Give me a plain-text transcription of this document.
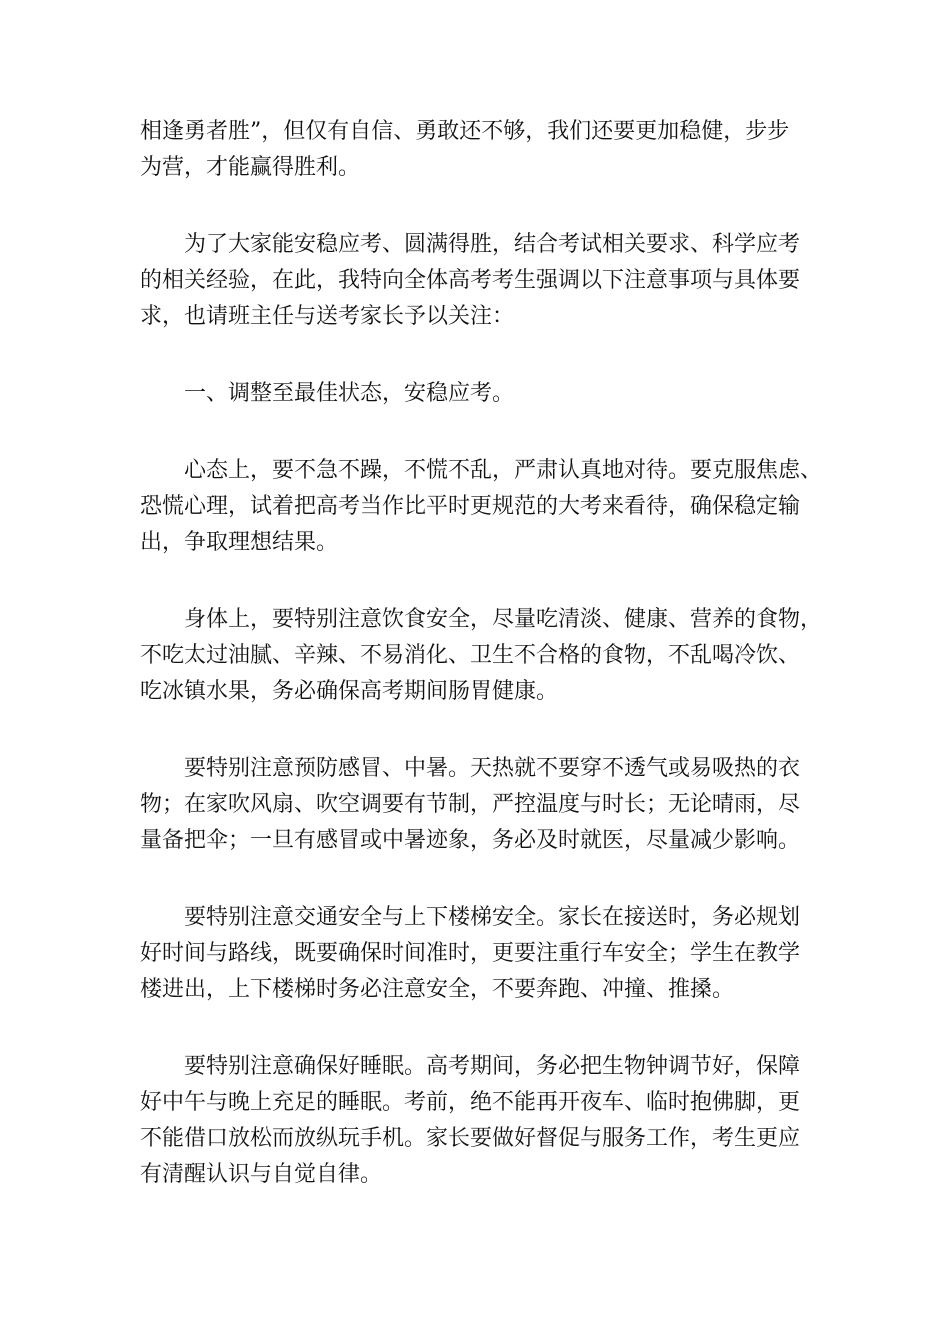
相逢勇者胜”，但仅有自信、勇敢还不够，我们还要更加稳健，步步
为营，才能赢得胜利。
　　为了大家能安稳应考、圆满得胜，结合考试相关要求、科学应考
的相关经验，在此，我特向全体高考考生强调以下注意事项与具体要
求，也请班主任与送考家长予以关注：
　　一、调整至最佳状态，安稳应考。
　　心态上，要不急不躁，不慌不乱，严肃认真地对待。要克服焦虑、
恐慌心理，试着把高考当作比平时更规范的大考来看待，确保稳定输
出，争取理想结果。
　　身体上，要特别注意饮食安全，尽量吃清淡、健康、营养的食物，
不吃太过油腻、辛辣、不易消化、卫生不合格的食物，不乱喝冷饮、
吃冰镇水果，务必确保高考期间肠胃健康。
　　要特别注意预防感冒、中暑。天热就不要穿不透气或易吸热的衣
物；在家吹风扇、吹空调要有节制，严控温度与时长；无论晴雨，尽
量备把伞；一旦有感冒或中暑迹象，务必及时就医，尽量减少影响。
　　要特别注意交通安全与上下楼梯安全。家长在接送时，务必规划
好时间与路线，既要确保时间准时，更要注重行车安全；学生在教学
楼进出，上下楼梯时务必注意安全，不要奔跑、冲撞、推搡。
　　要特别注意确保好睡眠。高考期间，务必把生物钟调节好，保障
好中午与晚上充足的睡眠。考前，绝不能再开夜车、临时抱佛脚，更
不能借口放松而放纵玩手机。家长要做好督促与服务工作，考生更应
有清醒认识与自觉自律。
